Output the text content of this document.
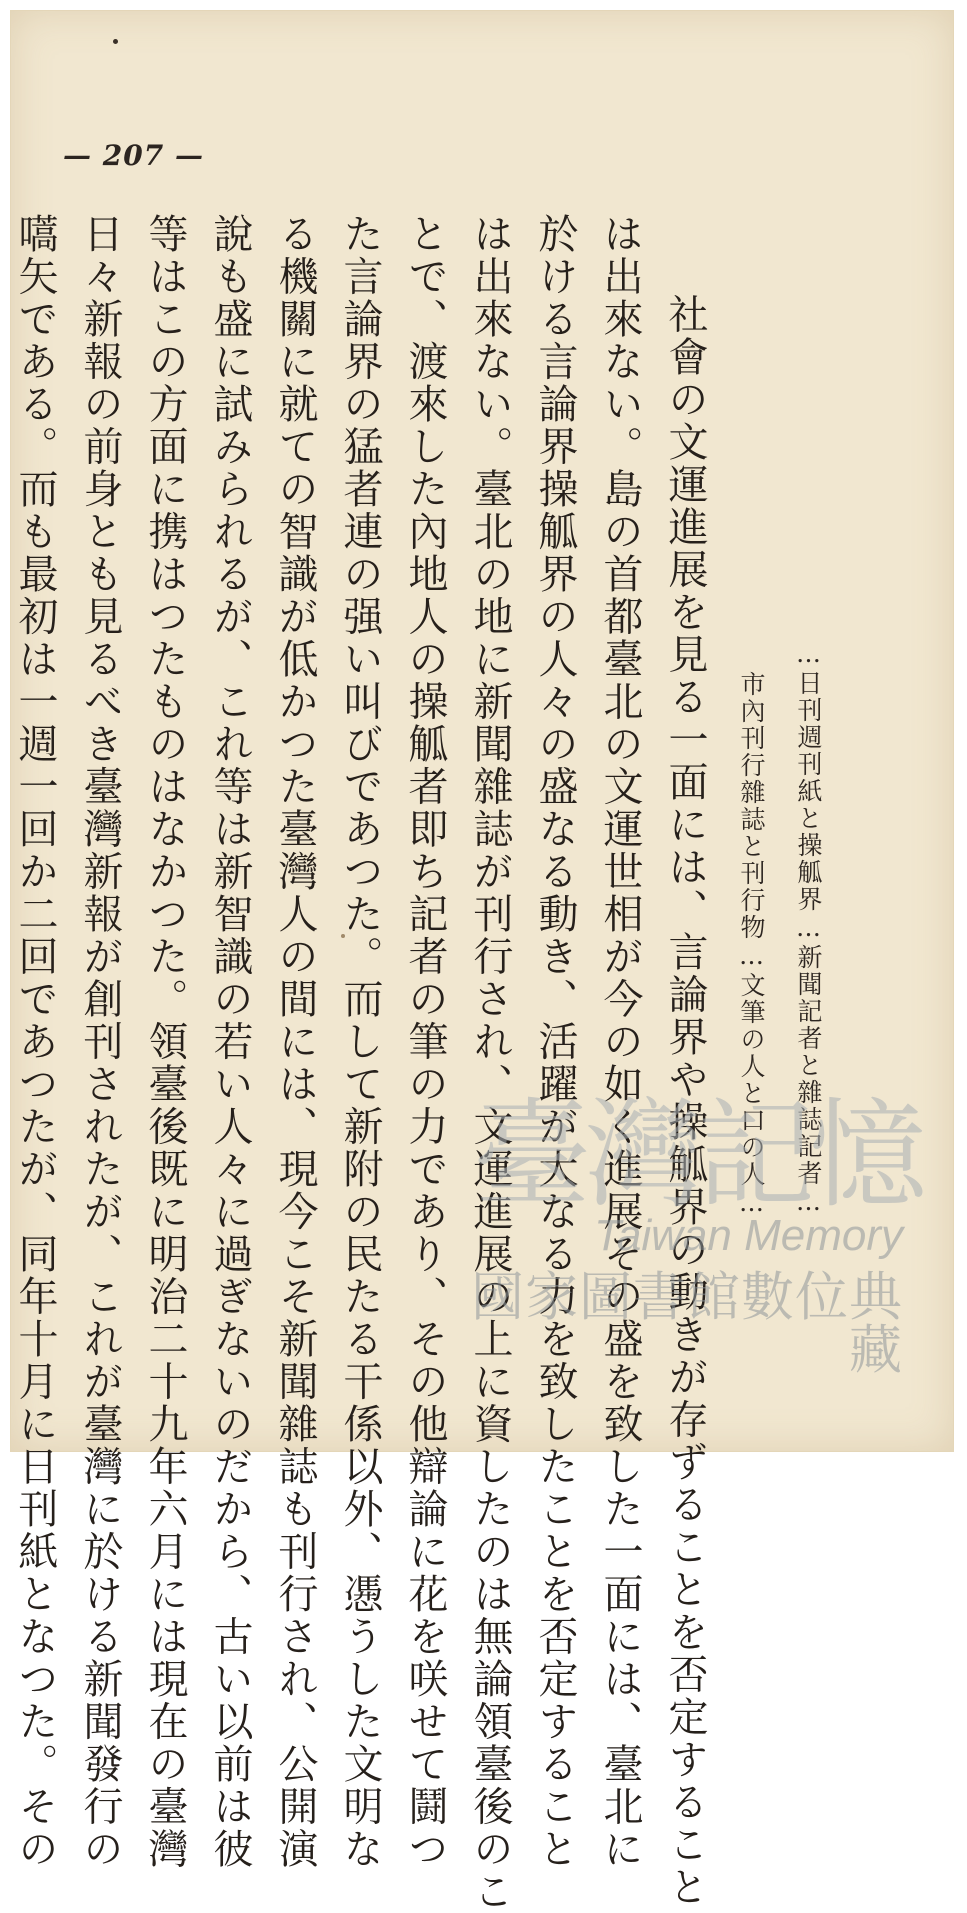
— 207 —
…日刊週刊紙と操觚界…新聞記者と雜誌記者…
市內刊行雜誌と刊行物…文筆の人と口の人…
　社會の文運進展を見る一面には、言論界や操觚界の動きが存ずることを否定すること
は出來ない。島の首都臺北の文運世相が今の如く進展その盛を致した一面には、臺北に
於ける言論界操觚界の人々の盛なる動き、活躍が大なる力を致したことを否定すること
は出來ない。臺北の地に新聞雜誌が刊行され、文運進展の上に資したのは無論領臺後のこ
とで、渡來した內地人の操觚者即ち記者の筆の力であり、その他辯論に花を咲せて鬪つ
た言論界の猛者連の强い叫びであつた。而して新附の民たる干係以外、慿うした文明な
る機關に就ての智識が低かつた臺灣人の間には、現今こそ新聞雜誌も刊行され、公開演
說も盛に試みられるが、これ等は新智識の若い人々に過ぎないのだから、古い以前は彼
等はこの方面に携はつたものはなかつた。領臺後既に明治二十九年六月には現在の臺灣
日々新報の前身とも見るべき臺灣新報が創刊されたが、これが臺灣に於ける新聞發行の
嚆矢である。而も最初は一週一回か二回であつたが、同年十月に日刊紙となつた。その	臺灣記憶
Taiwan Memory
國家圖書館數位典藏
